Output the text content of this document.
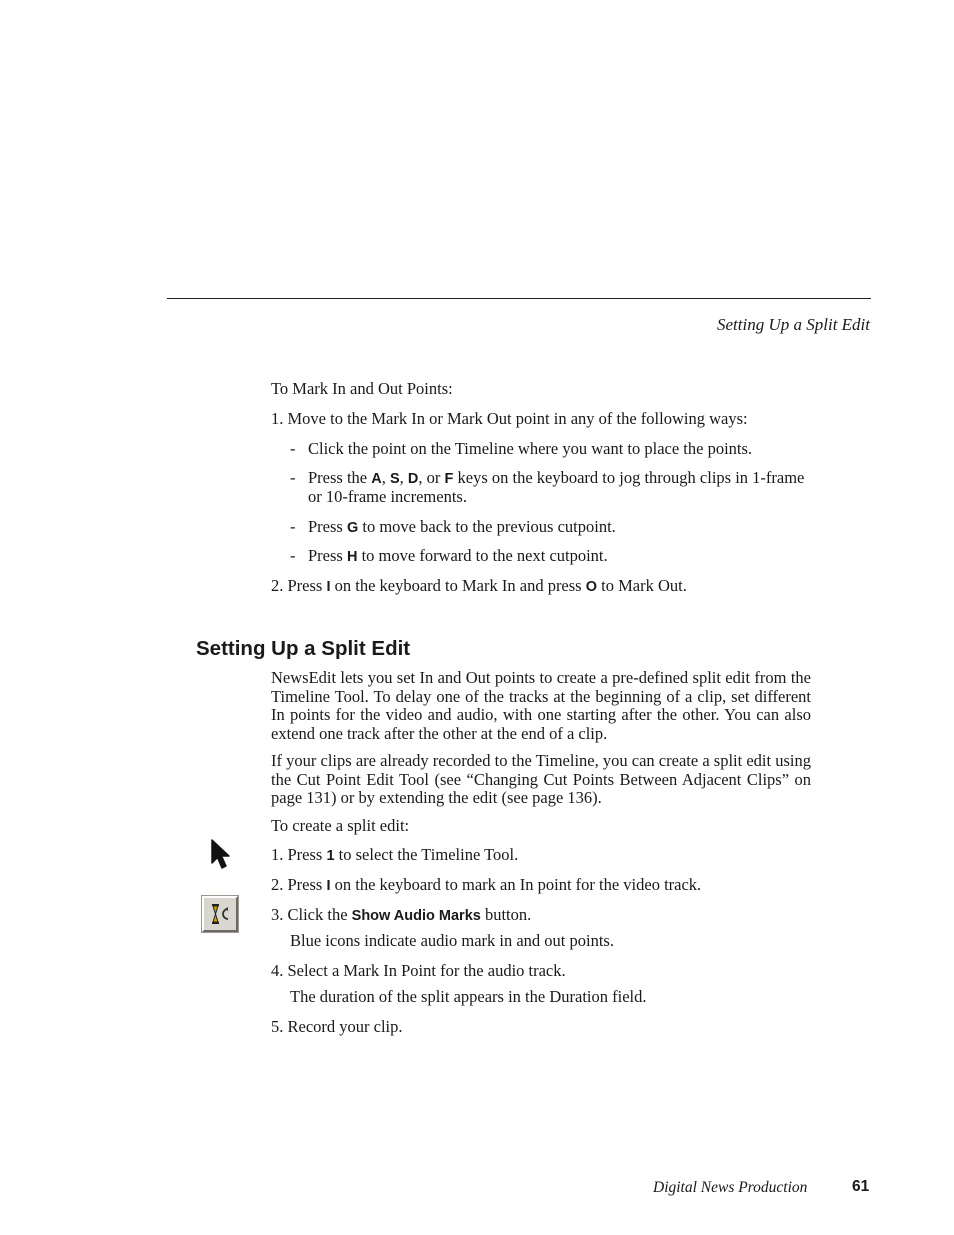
Setting Up a Split Edit
To Mark In and Out Points:
1. Move to the Mark In or Mark Out point in any of the following ways:
- Click the point on the Timeline where you want to place the points.
- Press the A, S, D, or F keys on the keyboard to jog through clips in 1-frame
or 10-frame increments.
- Press G to move back to the previous cutpoint.
- Press H to move forward to the next cutpoint.
2. Press I on the keyboard to Mark In and press O to Mark Out.
Setting Up a Split Edit
NewsEdit lets you set In and Out points to create a pre-defined split edit from the Timeline Tool. To delay one of the tracks at the beginning of a clip, set different In points for the video and audio, with one starting after the other. You can also extend one track after the other at the end of a clip.
If your clips are already recorded to the Timeline, you can create a split edit using the Cut Point Edit Tool (see “Changing Cut Points Between Adjacent Clips” on page 131) or by extending the edit (see page 136).
To create a split edit:
1. Press 1 to select the Timeline Tool.
2. Press I on the keyboard to mark an In point for the video track.
3. Click the Show Audio Marks button.
Blue icons indicate audio mark in and out points.
4. Select a Mark In Point for the audio track.
The duration of the split appears in the Duration field.
5. Record your clip.
Digital News Production	61
